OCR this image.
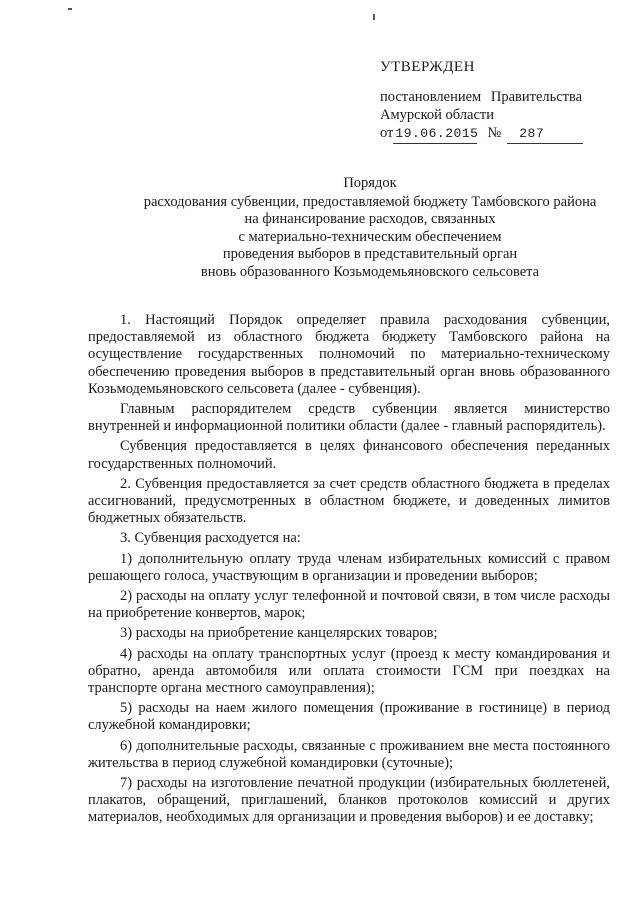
УТВЕРЖДЕН
постановлением Правительства
Амурской области
от 19.06.2015 №	287
Порядок
расходования субвенции, предоставляемой бюджету Тамбовского района
на финансирование расходов, связанных
с материально-техническим обеспечением
проведения выборов в представительный орган
вновь образованного Козьмодемьяновского сельсовета

1. Настоящий Порядок определяет правила расходования субвенции, предоставляемой из областного бюджета бюджету Тамбовского района на осуществление государственных полномочий по материально-техническому обеспечению проведения выборов в представительный орган вновь образованного Козьмодемьяновского сельсовета (далее - субвенция).

Главным распорядителем средств субвенции является министерство внутренней и информационной политики области (далее - главный распорядитель).

Субвенция предоставляется в целях финансового обеспечения переданных государственных полномочий.

2. Субвенция предоставляется за счет средств областного бюджета в пределах ассигнований, предусмотренных в областном бюджете, и доведенных лимитов бюджетных обязательств.

3. Субвенция расходуется на:

1) дополнительную оплату труда членам избирательных комиссий с правом решающего голоса, участвующим в организации и проведении выборов;

2) расходы на оплату услуг телефонной и почтовой связи, в том числе расходы на приобретение конвертов, марок;

3) расходы на приобретение канцелярских товаров;

4) расходы на оплату транспортных услуг (проезд к месту командирования и обратно, аренда автомобиля или оплата стоимости ГСМ при поездках на транспорте органа местного самоуправления);

5) расходы на наем жилого помещения (проживание в гостинице) в период служебной командировки;

6) дополнительные расходы, связанные с проживанием вне места постоянного жительства в период служебной командировки (суточные);

7) расходы на изготовление печатной продукции (избирательных бюллетеней, плакатов, обращений, приглашений, бланков протоколов комиссий и других материалов, необходимых для организации и проведения выборов) и ее доставку;
